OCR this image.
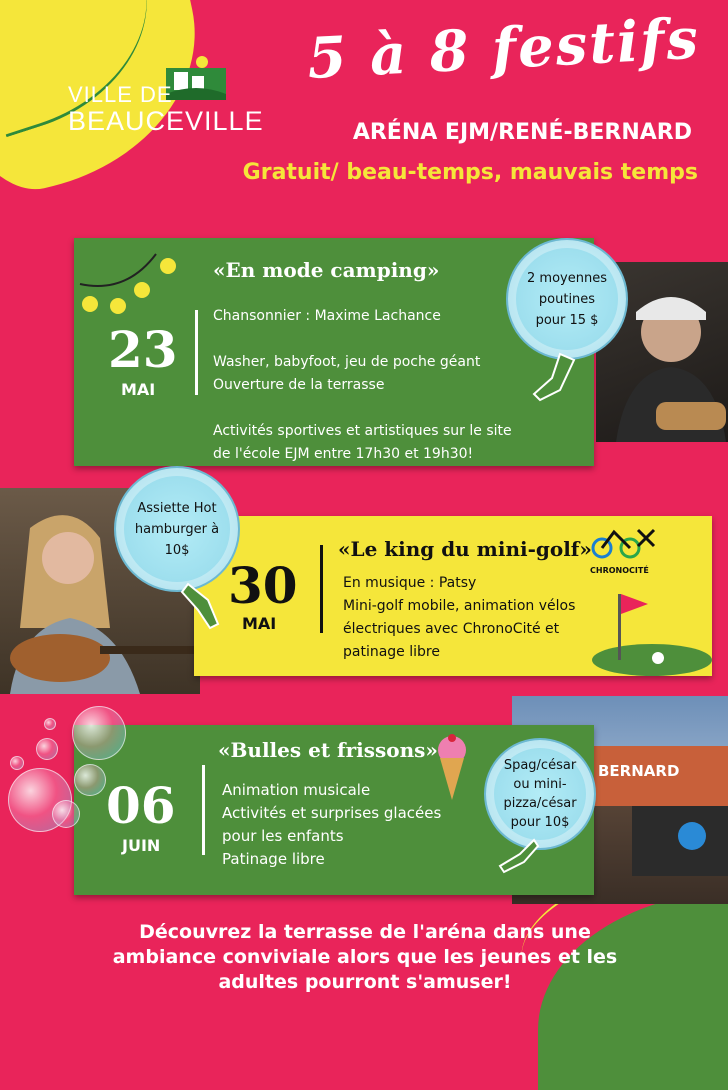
VILLE DE
BEAUCEVILLE
5 à 8 festifs
ARÉNA EJM/RENÉ-BERNARD
Gratuit/ beau-temps, mauvais temps
23
MAI
«En mode camping»
Chansonnier : Maxime Lachance

Washer, babyfoot, jeu de poche géant
Ouverture de la terrasse

Activités sportives et artistiques sur le site
de l'école EJM entre 17h30 et 19h30!
2 moyennes
poutines
pour 15 $
30
MAI
«Le king du mini-golf»
En musique : Patsy
Mini-golf mobile, animation vélos
électriques avec ChronoCité et
patinage libre
CHRONOCITÉ
Assiette Hot
hamburger à
10$
BERNARD
06
JUIN
«Bulles et frissons»
Animation musicale
Activités et surprises glacées
pour les enfants
Patinage libre
Spag/césar
ou mini-
pizza/césar
pour 10$
Découvrez la terrasse de l'aréna dans une
ambiance conviviale alors que les jeunes et les
adultes pourront s'amuser!
